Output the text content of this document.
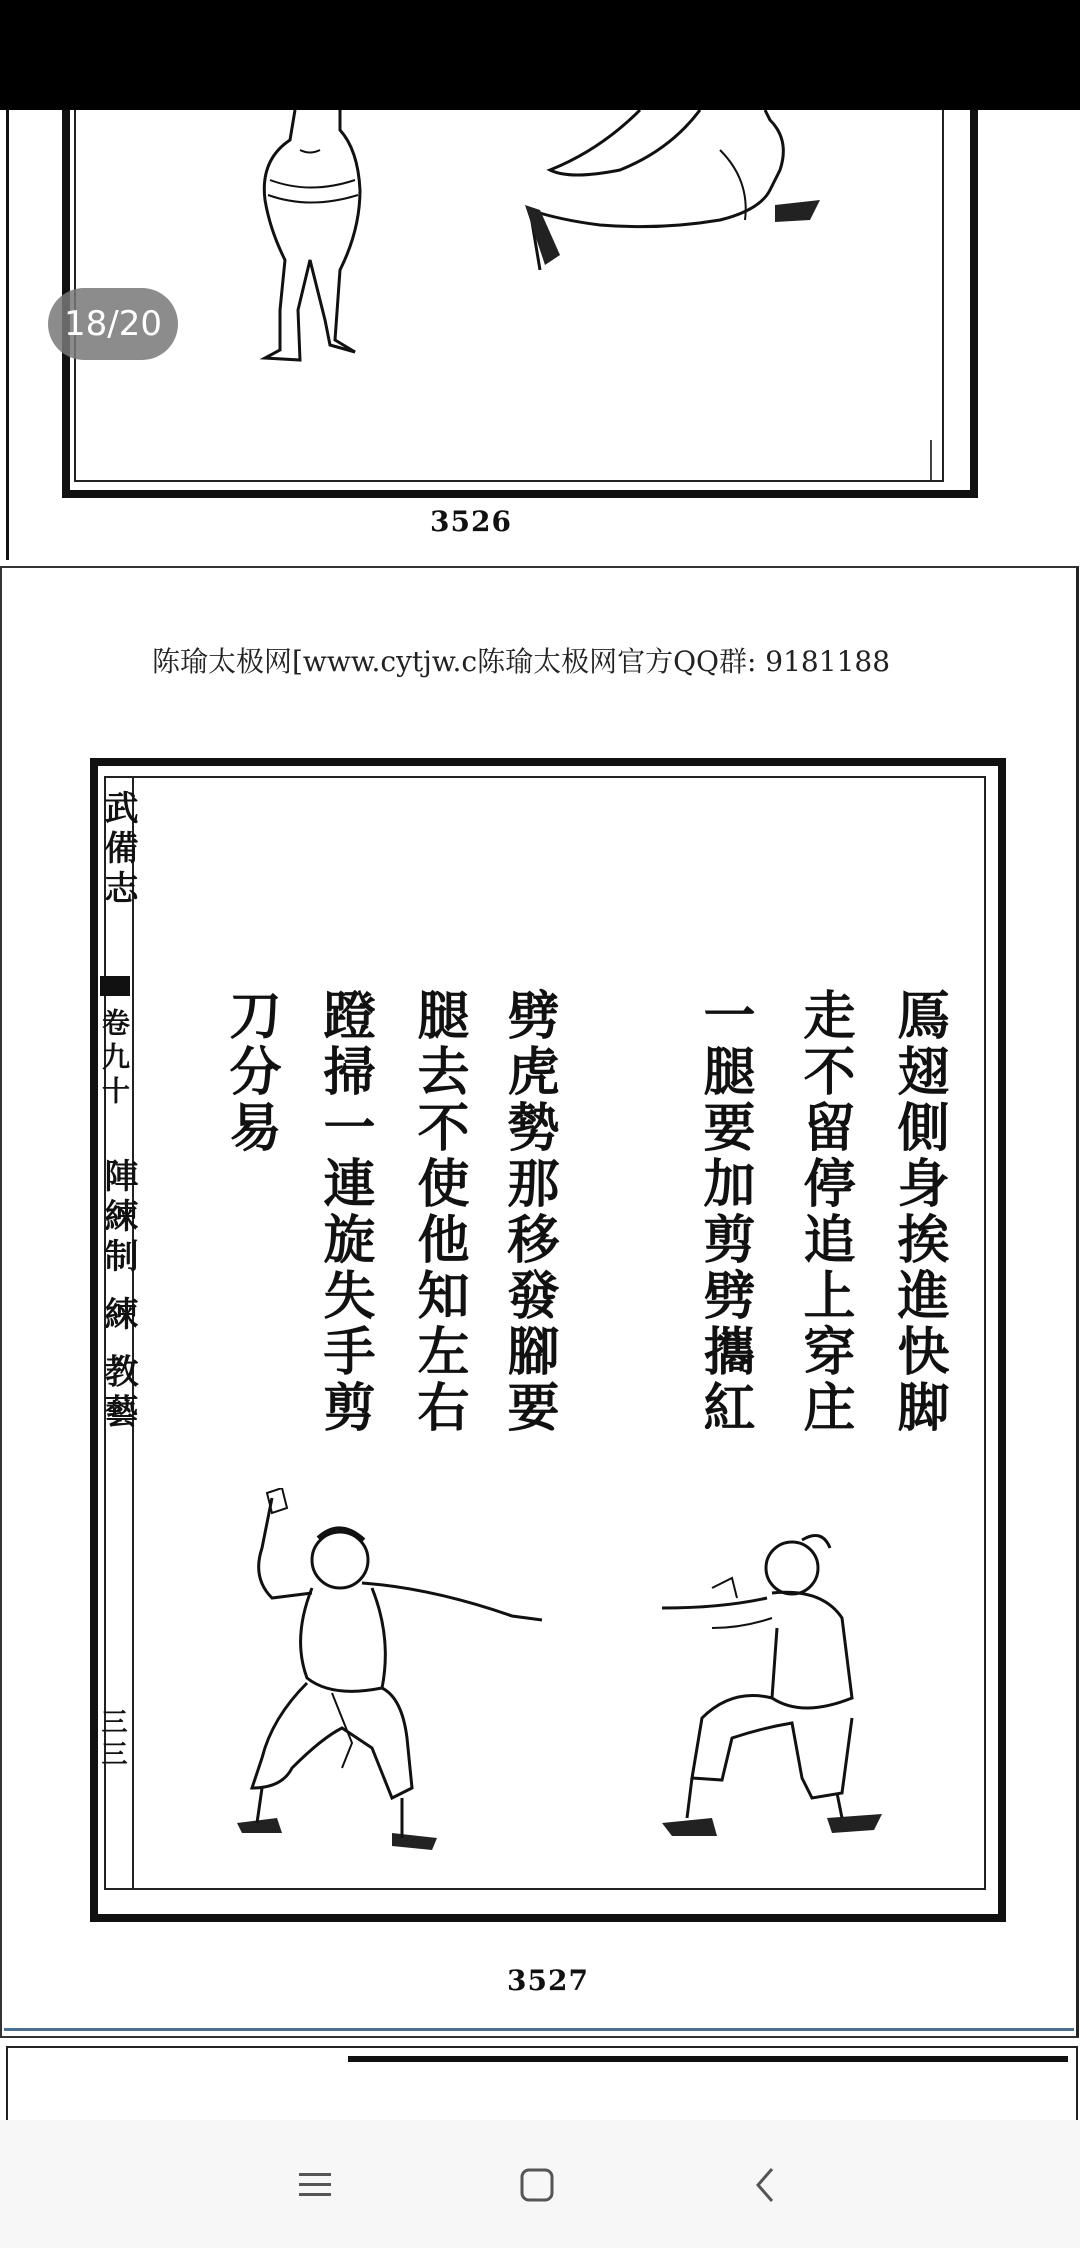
3526
陈瑜太极网[www.cytjw.c陈瑜太极网官方QQ群: 9181188
武備志
卷九十
陣練制 練 教藝
三三
鳫翅側身挨進快脚
走不留停追上穿庄
一腿要加剪劈攜紅
劈虎勢那移發腳要
腿去不使他知左右
蹬掃一連旋失手剪
刀分易
3527
18/20
